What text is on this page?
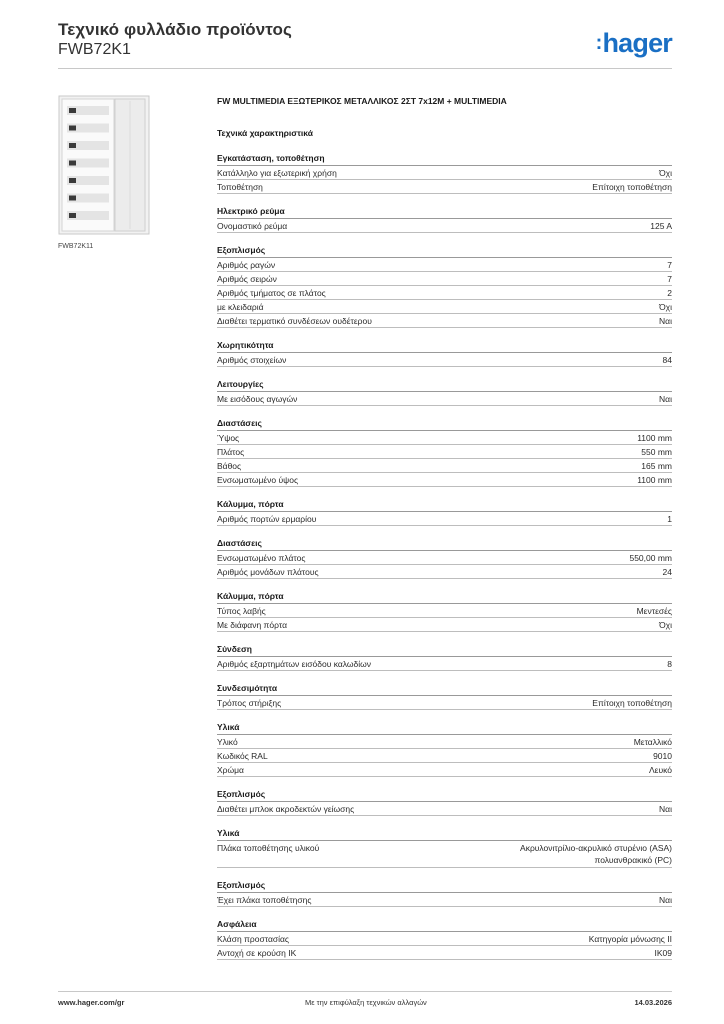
Τεχνικό φυλλάδιο προϊόντος
FWB72K1	:hager
FWB72K11
FW MULTIMEDIA ΕΞΩΤΕΡΙΚΟΣ ΜΕΤΑΛΛΙΚΟΣ 2ΣΤ 7x12M + MULTIMEDIA
Τεχνικά χαρακτηριστικά
Εγκατάσταση, τοποθέτηση
Κατάλληλο για εξωτερική χρήση	Όχι
Τοποθέτηση	Επίτοιχη τοποθέτηση
Ηλεκτρικό ρεύμα
Ονομαστικό ρεύμα	125 A
Εξοπλισμός
Αριθμός ραγών	7
Αριθμός σειρών	7
Αριθμός τμήματος σε πλάτος	2
με κλειδαριά	Όχι
Διαθέτει τερματικό συνδέσεων ουδέτερου	Ναι
Χωρητικότητα
Αριθμός στοιχείων	84
Λειτουργίες
Με εισόδους αγωγών	Ναι
Διαστάσεις
Ύψος	1100 mm
Πλάτος	550 mm
Βάθος	165 mm
Ενσωματωμένο ύψος	1100 mm
Κάλυμμα, πόρτα
Αριθμός πορτών ερμαρίου	1
Διαστάσεις
Ενσωματωμένο πλάτος	550,00 mm
Αριθμός μονάδων πλάτους	24
Κάλυμμα, πόρτα
Τύπος λαβής	Μεντεσές
Με διάφανη πόρτα	Όχι
Σύνδεση
Αριθμός εξαρτημάτων εισόδου καλωδίων	8
Συνδεσιμότητα
Τρόπος στήριξης	Επίτοιχη τοποθέτηση
Υλικά
Υλικό	Μεταλλικό
Κωδικός RAL	9010
Χρώμα	Λευκό
Εξοπλισμός
Διαθέτει μπλοκ ακροδεκτών γείωσης	Ναι
Υλικά
Πλάκα τοποθέτησης υλικού	Ακρυλονιτρίλιο-ακρυλικό στυρένιο (ASA)
πολυανθρακικό (PC)
Εξοπλισμός
Έχει πλάκα τοποθέτησης	Ναι
Ασφάλεια
Κλάση προστασίας	Κατηγορία μόνωσης II
Αντοχή σε κρούση IK	IK09
www.hager.com/gr	Με την επιφύλαξη τεχνικών αλλαγών	14.03.2026
